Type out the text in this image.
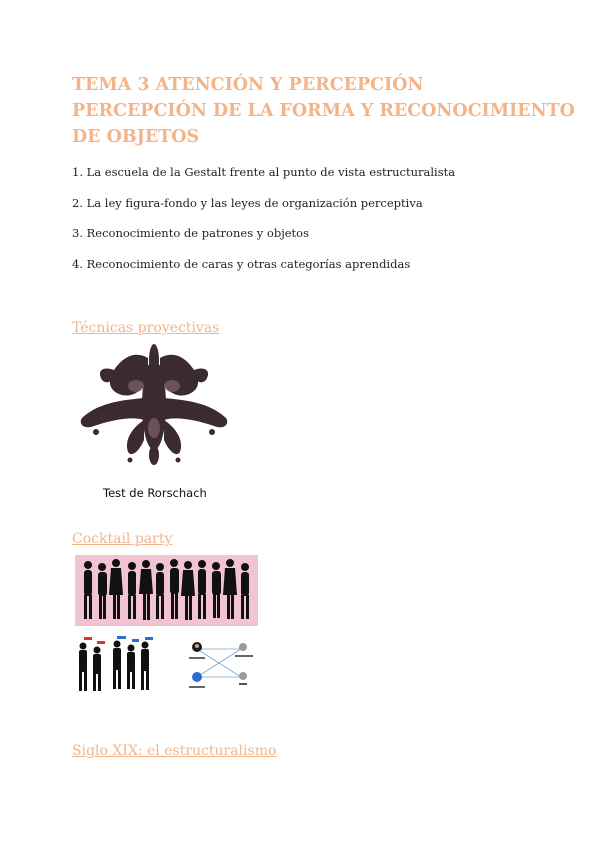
TEMA 3 ATENCIÓN Y PERCEPCIÓN
PERCEPCIÓN DE LA FORMA Y RECONOCIMIENTO
DE OBJETOS
1. La escuela de la Gestalt frente al punto de vista estructuralista
2. La ley figura-fondo y las leyes de organización perceptiva
3. Reconocimiento de patrones y objetos
4. Reconocimiento de caras y otras categorías aprendidas
Técnicas proyectivas
Test de Rorschach
Cocktail party
Siglo XIX: el estructuralismo
